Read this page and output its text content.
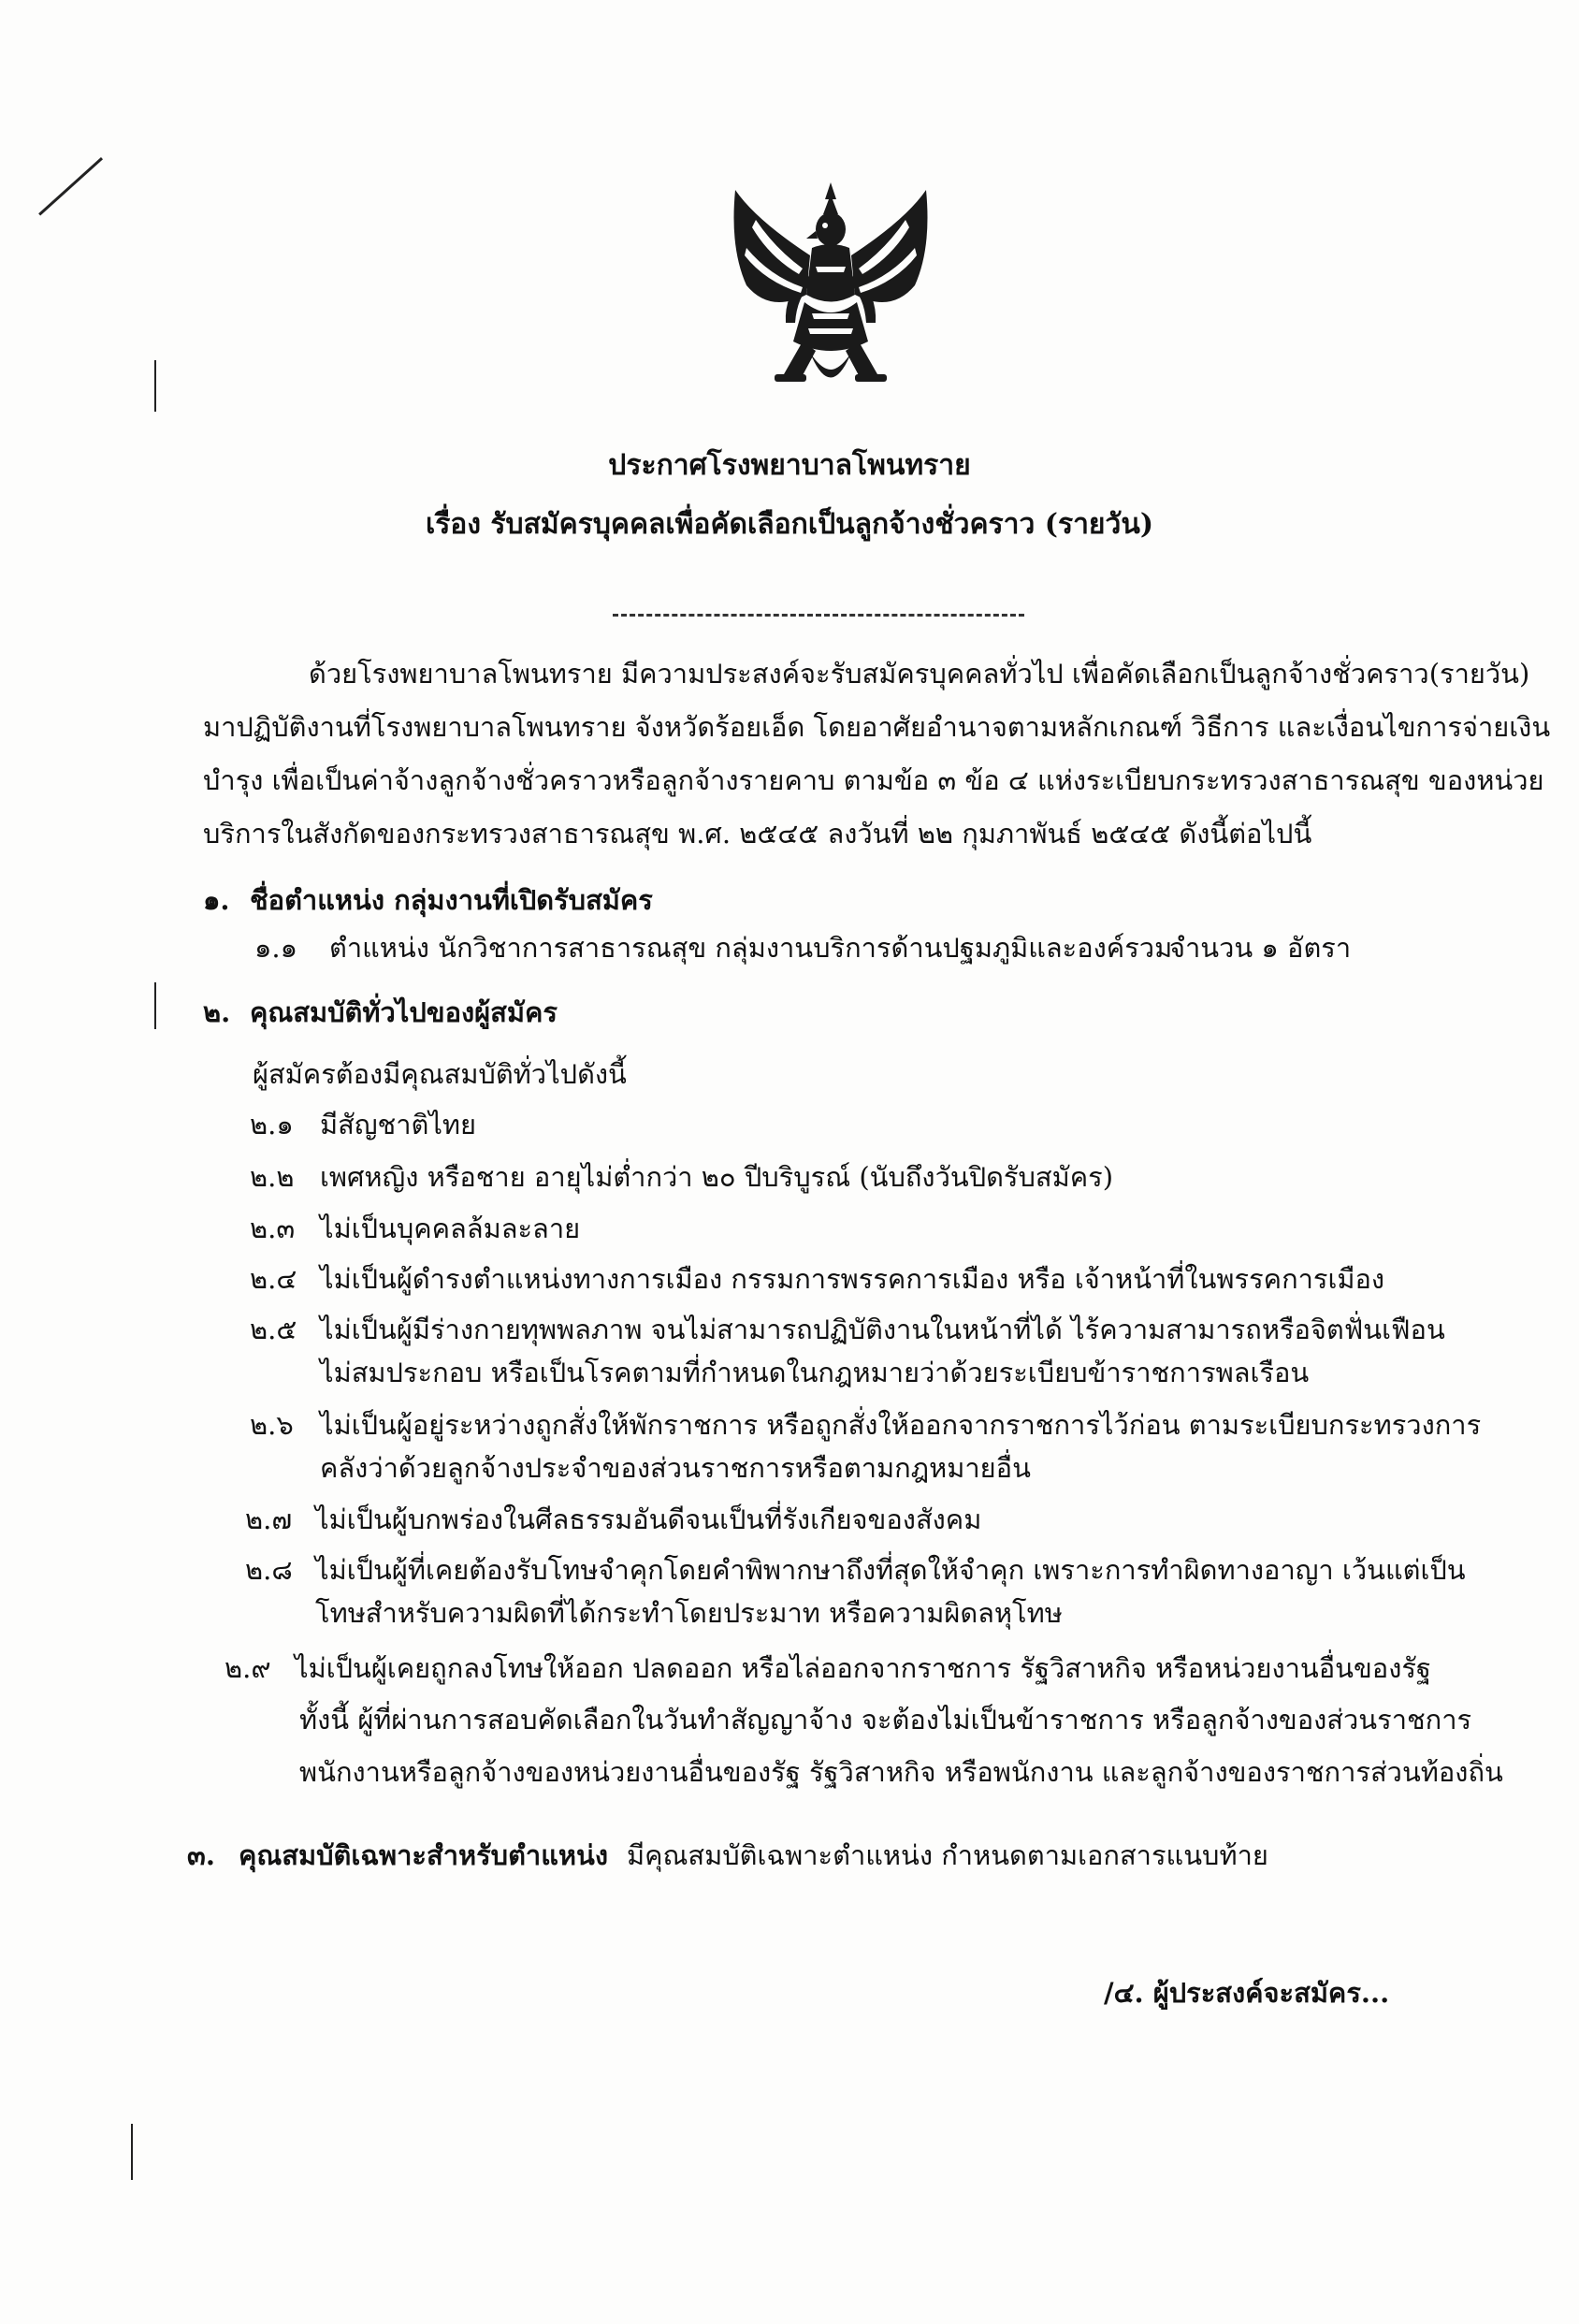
ประกาศโรงพยาบาลโพนทราย
เรื่อง รับสมัครบุคคลเพื่อคัดเลือกเป็นลูกจ้างชั่วคราว (รายวัน)
ด้วยโรงพยาบาลโพนทราย มีความประสงค์จะรับสมัครบุคคลทั่วไป เพื่อคัดเลือกเป็นลูกจ้างชั่วคราว(รายวัน)
มาปฏิบัติงานที่โรงพยาบาลโพนทราย จังหวัดร้อยเอ็ด โดยอาศัยอำนาจตามหลักเกณฑ์ วิธีการ และเงื่อนไขการจ่ายเงิน
บำรุง เพื่อเป็นค่าจ้างลูกจ้างชั่วคราวหรือลูกจ้างรายคาบ ตามข้อ ๓ ข้อ ๔ แห่งระเบียบกระทรวงสาธารณสุข ของหน่วย
บริการในสังกัดของกระทรวงสาธารณสุข พ.ศ. ๒๕๔๕ ลงวันที่ ๒๒ กุมภาพันธ์ ๒๕๔๕ ดังนี้ต่อไปนี้
๑. ชื่อตำแหน่ง กลุ่มงานที่เปิดรับสมัคร
๑.๑ ตำแหน่ง นักวิชาการสาธารณสุข กลุ่มงานบริการด้านปฐมภูมิและองค์รวม
จำนวน ๑ อัตรา
๒. คุณสมบัติทั่วไปของผู้สมัคร
ผู้สมัครต้องมีคุณสมบัติทั่วไปดังนี้
๒.๑ มีสัญชาติไทย
๒.๒ เพศหญิง หรือชาย อายุไม่ต่ำกว่า ๒๐ ปีบริบูรณ์ (นับถึงวันปิดรับสมัคร)
๒.๓ ไม่เป็นบุคคลล้มละลาย
๒.๔ ไม่เป็นผู้ดำรงตำแหน่งทางการเมือง กรรมการพรรคการเมือง หรือ เจ้าหน้าที่ในพรรคการเมือง
๒.๕ ไม่เป็นผู้มีร่างกายทุพพลภาพ จนไม่สามารถปฏิบัติงานในหน้าที่ได้ ไร้ความสามารถหรือจิตฟั่นเฟือน
ไม่สมประกอบ หรือเป็นโรคตามที่กำหนดในกฎหมายว่าด้วยระเบียบข้าราชการพลเรือน
๒.๖ ไม่เป็นผู้อยู่ระหว่างถูกสั่งให้พักราชการ หรือถูกสั่งให้ออกจากราชการไว้ก่อน ตามระเบียบกระทรวงการ
คลังว่าด้วยลูกจ้างประจำของส่วนราชการหรือตามกฎหมายอื่น
๒.๗ ไม่เป็นผู้บกพร่องในศีลธรรมอันดีจนเป็นที่รังเกียจของสังคม
๒.๘ ไม่เป็นผู้ที่เคยต้องรับโทษจำคุกโดยคำพิพากษาถึงที่สุดให้จำคุก เพราะการทำผิดทางอาญา เว้นแต่เป็น
โทษสำหรับความผิดที่ได้กระทำโดยประมาท หรือความผิดลหุโทษ
๒.๙ ไม่เป็นผู้เคยถูกลงโทษให้ออก ปลดออก หรือไล่ออกจากราชการ รัฐวิสาหกิจ หรือหน่วยงานอื่นของรัฐ
ทั้งนี้ ผู้ที่ผ่านการสอบคัดเลือกในวันทำสัญญาจ้าง จะต้องไม่เป็นข้าราชการ หรือลูกจ้างของส่วนราชการ
พนักงานหรือลูกจ้างของหน่วยงานอื่นของรัฐ รัฐวิสาหกิจ หรือพนักงาน และลูกจ้างของราชการส่วนท้องถิ่น
๓. คุณสมบัติเฉพาะสำหรับตำแหน่ง มีคุณสมบัติเฉพาะตำแหน่ง กำหนดตามเอกสารแนบท้าย
/๔. ผู้ประสงค์จะสมัคร...
